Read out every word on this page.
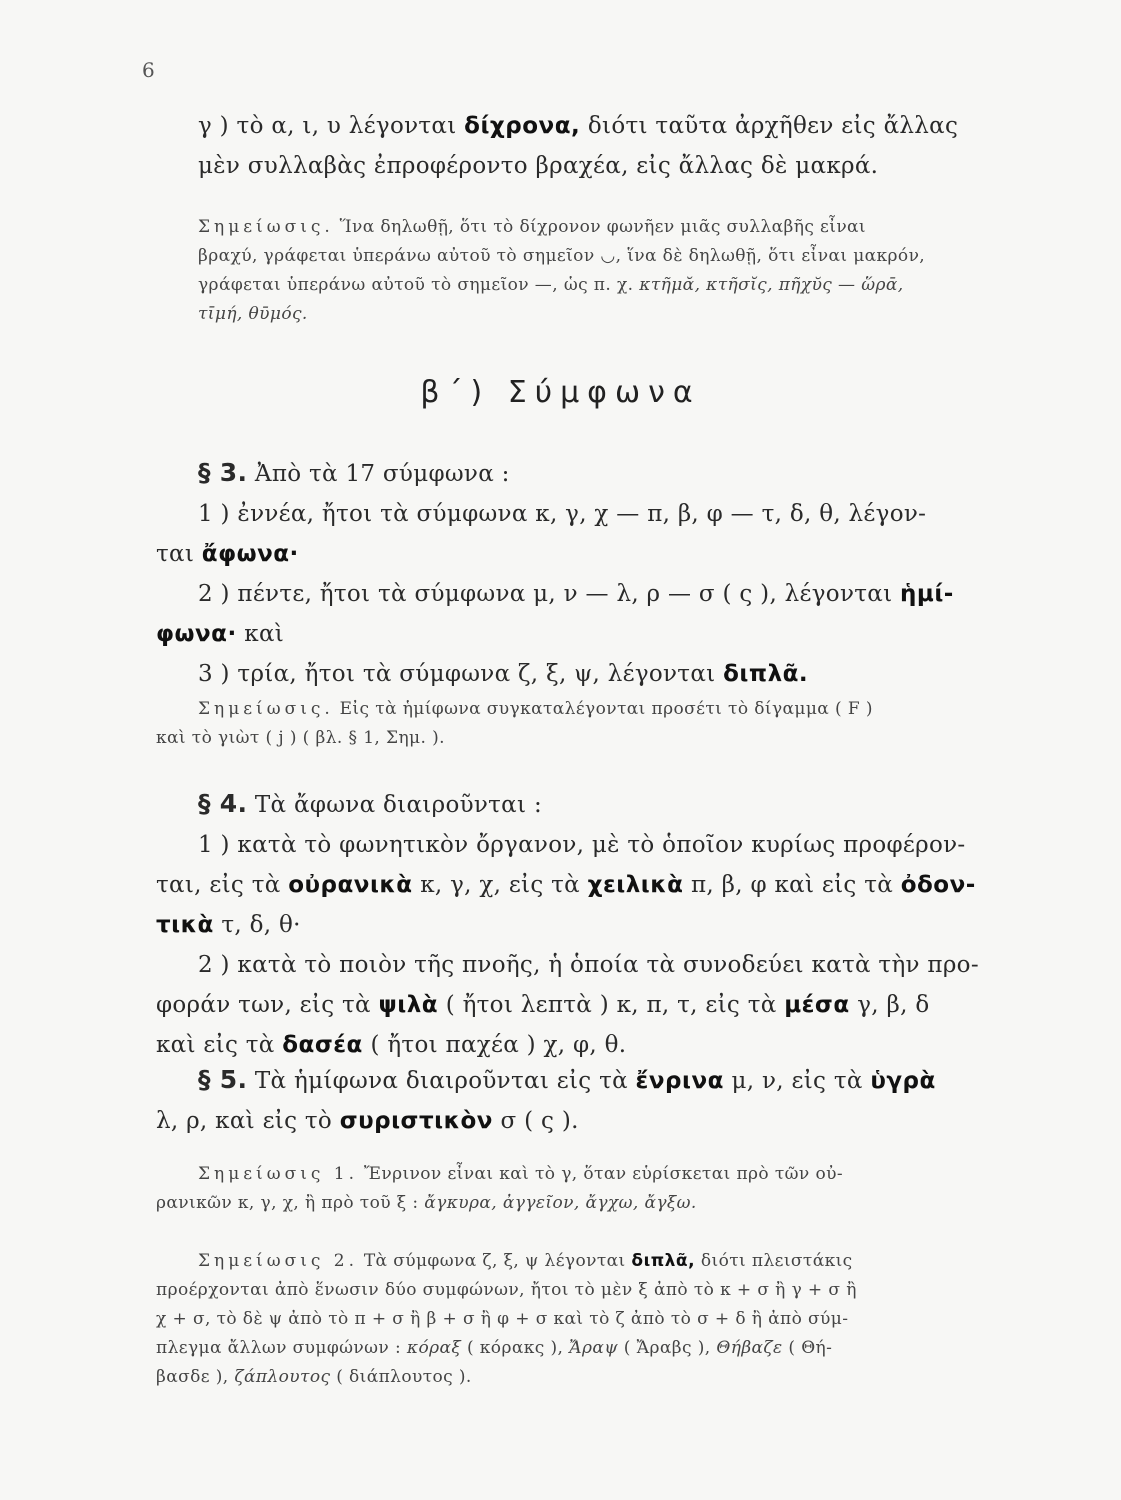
6
γ ) τὸ α, ι, υ λέγονται δίχρονα, διότι ταῦτα ἀρχῆθεν εἰς ἄλλας
μὲν συλλαβὰς ἐπροφέροντο βραχέα, εἰς ἄλλας δὲ μακρά.
Σημείωσις. Ἵνα δηλωθῇ, ὅτι τὸ δίχρονον φωνῆεν μιᾶς συλλαβῆς εἶναι
βραχύ, γράφεται ὑπεράνω αὐτοῦ τὸ σημεῖον ◡, ἵνα δὲ δηλωθῇ, ὅτι εἶναι μακρόν,
γράφεται ὑπεράνω αὐτοῦ τὸ σημεῖον —, ὡς π. χ. κτῆμᾰ, κτῆσῐς, πῆχῠς — ὥρᾱ,
τῑμή, θῡμός.
β΄) Σύμφωνα
§ 3. Ἀπὸ τὰ 17 σύμφωνα :
1 ) ἐννέα, ἤτοι τὰ σύμφωνα κ, γ, χ — π, β, φ — τ, δ, θ, λέγον-
ται ἄφωνα·
2 ) πέντε, ἤτοι τὰ σύμφωνα μ, ν — λ, ρ — σ ( ς ), λέγονται ἡμί-
φωνα· καὶ
3 ) τρία, ἤτοι τὰ σύμφωνα ζ, ξ, ψ, λέγονται διπλᾶ.
Σημείωσις. Εἰς τὰ ἡμίφωνα συγκαταλέγονται προσέτι τὸ δίγαμμα ( F )
καὶ τὸ γιὼτ ( j ) ( βλ. § 1, Σημ. ).
§ 4. Τὰ ἄφωνα διαιροῦνται :
1 ) κατὰ τὸ φωνητικὸν ὄργανον, μὲ τὸ ὁποῖον κυρίως προφέρον-
ται, εἰς τὰ οὐρανικὰ κ, γ, χ, εἰς τὰ χειλικὰ π, β, φ καὶ εἰς τὰ ὀδον-
τικὰ τ, δ, θ·
2 ) κατὰ τὸ ποιὸν τῆς πνοῆς, ἡ ὁποία τὰ συνοδεύει κατὰ τὴν προ-
φοράν των, εἰς τὰ ψιλὰ ( ἤτοι λεπτὰ ) κ, π, τ, εἰς τὰ μέσα γ, β, δ
καὶ εἰς τὰ δασέα ( ἤτοι παχέα ) χ, φ, θ.
§ 5. Τὰ ἡμίφωνα διαιροῦνται εἰς τὰ ἔνρινα μ, ν, εἰς τὰ ὑγρὰ
λ, ρ, καὶ εἰς τὸ συριστικὸν σ ( ς ).
Σημείωσις 1. Ἔνρινον εἶναι καὶ τὸ γ, ὅταν εὑρίσκεται πρὸ τῶν οὐ-
ρανικῶν κ, γ, χ, ἢ πρὸ τοῦ ξ : ἄγκυρα, ἀγγεῖον, ἄγχω, ἄγξω.
Σημείωσις 2. Τὰ σύμφωνα ζ, ξ, ψ λέγονται διπλᾶ, διότι πλειστάκις
προέρχονται ἀπὸ ἕνωσιν δύο συμφώνων, ἤτοι τὸ μὲν ξ ἀπὸ τὸ κ + σ ἢ γ + σ ἢ
χ + σ, τὸ δὲ ψ ἀπὸ τὸ π + σ ἢ β + σ ἢ φ + σ καὶ τὸ ζ ἀπὸ τὸ σ + δ ἢ ἀπὸ σύμ-
πλεγμα ἄλλων συμφώνων : κόραξ ( κόρακς ), Ἄραψ ( Ἄραβς ), Θήβαζε ( Θή-
βασδε ), ζάπλουτος ( διάπλουτος ).
